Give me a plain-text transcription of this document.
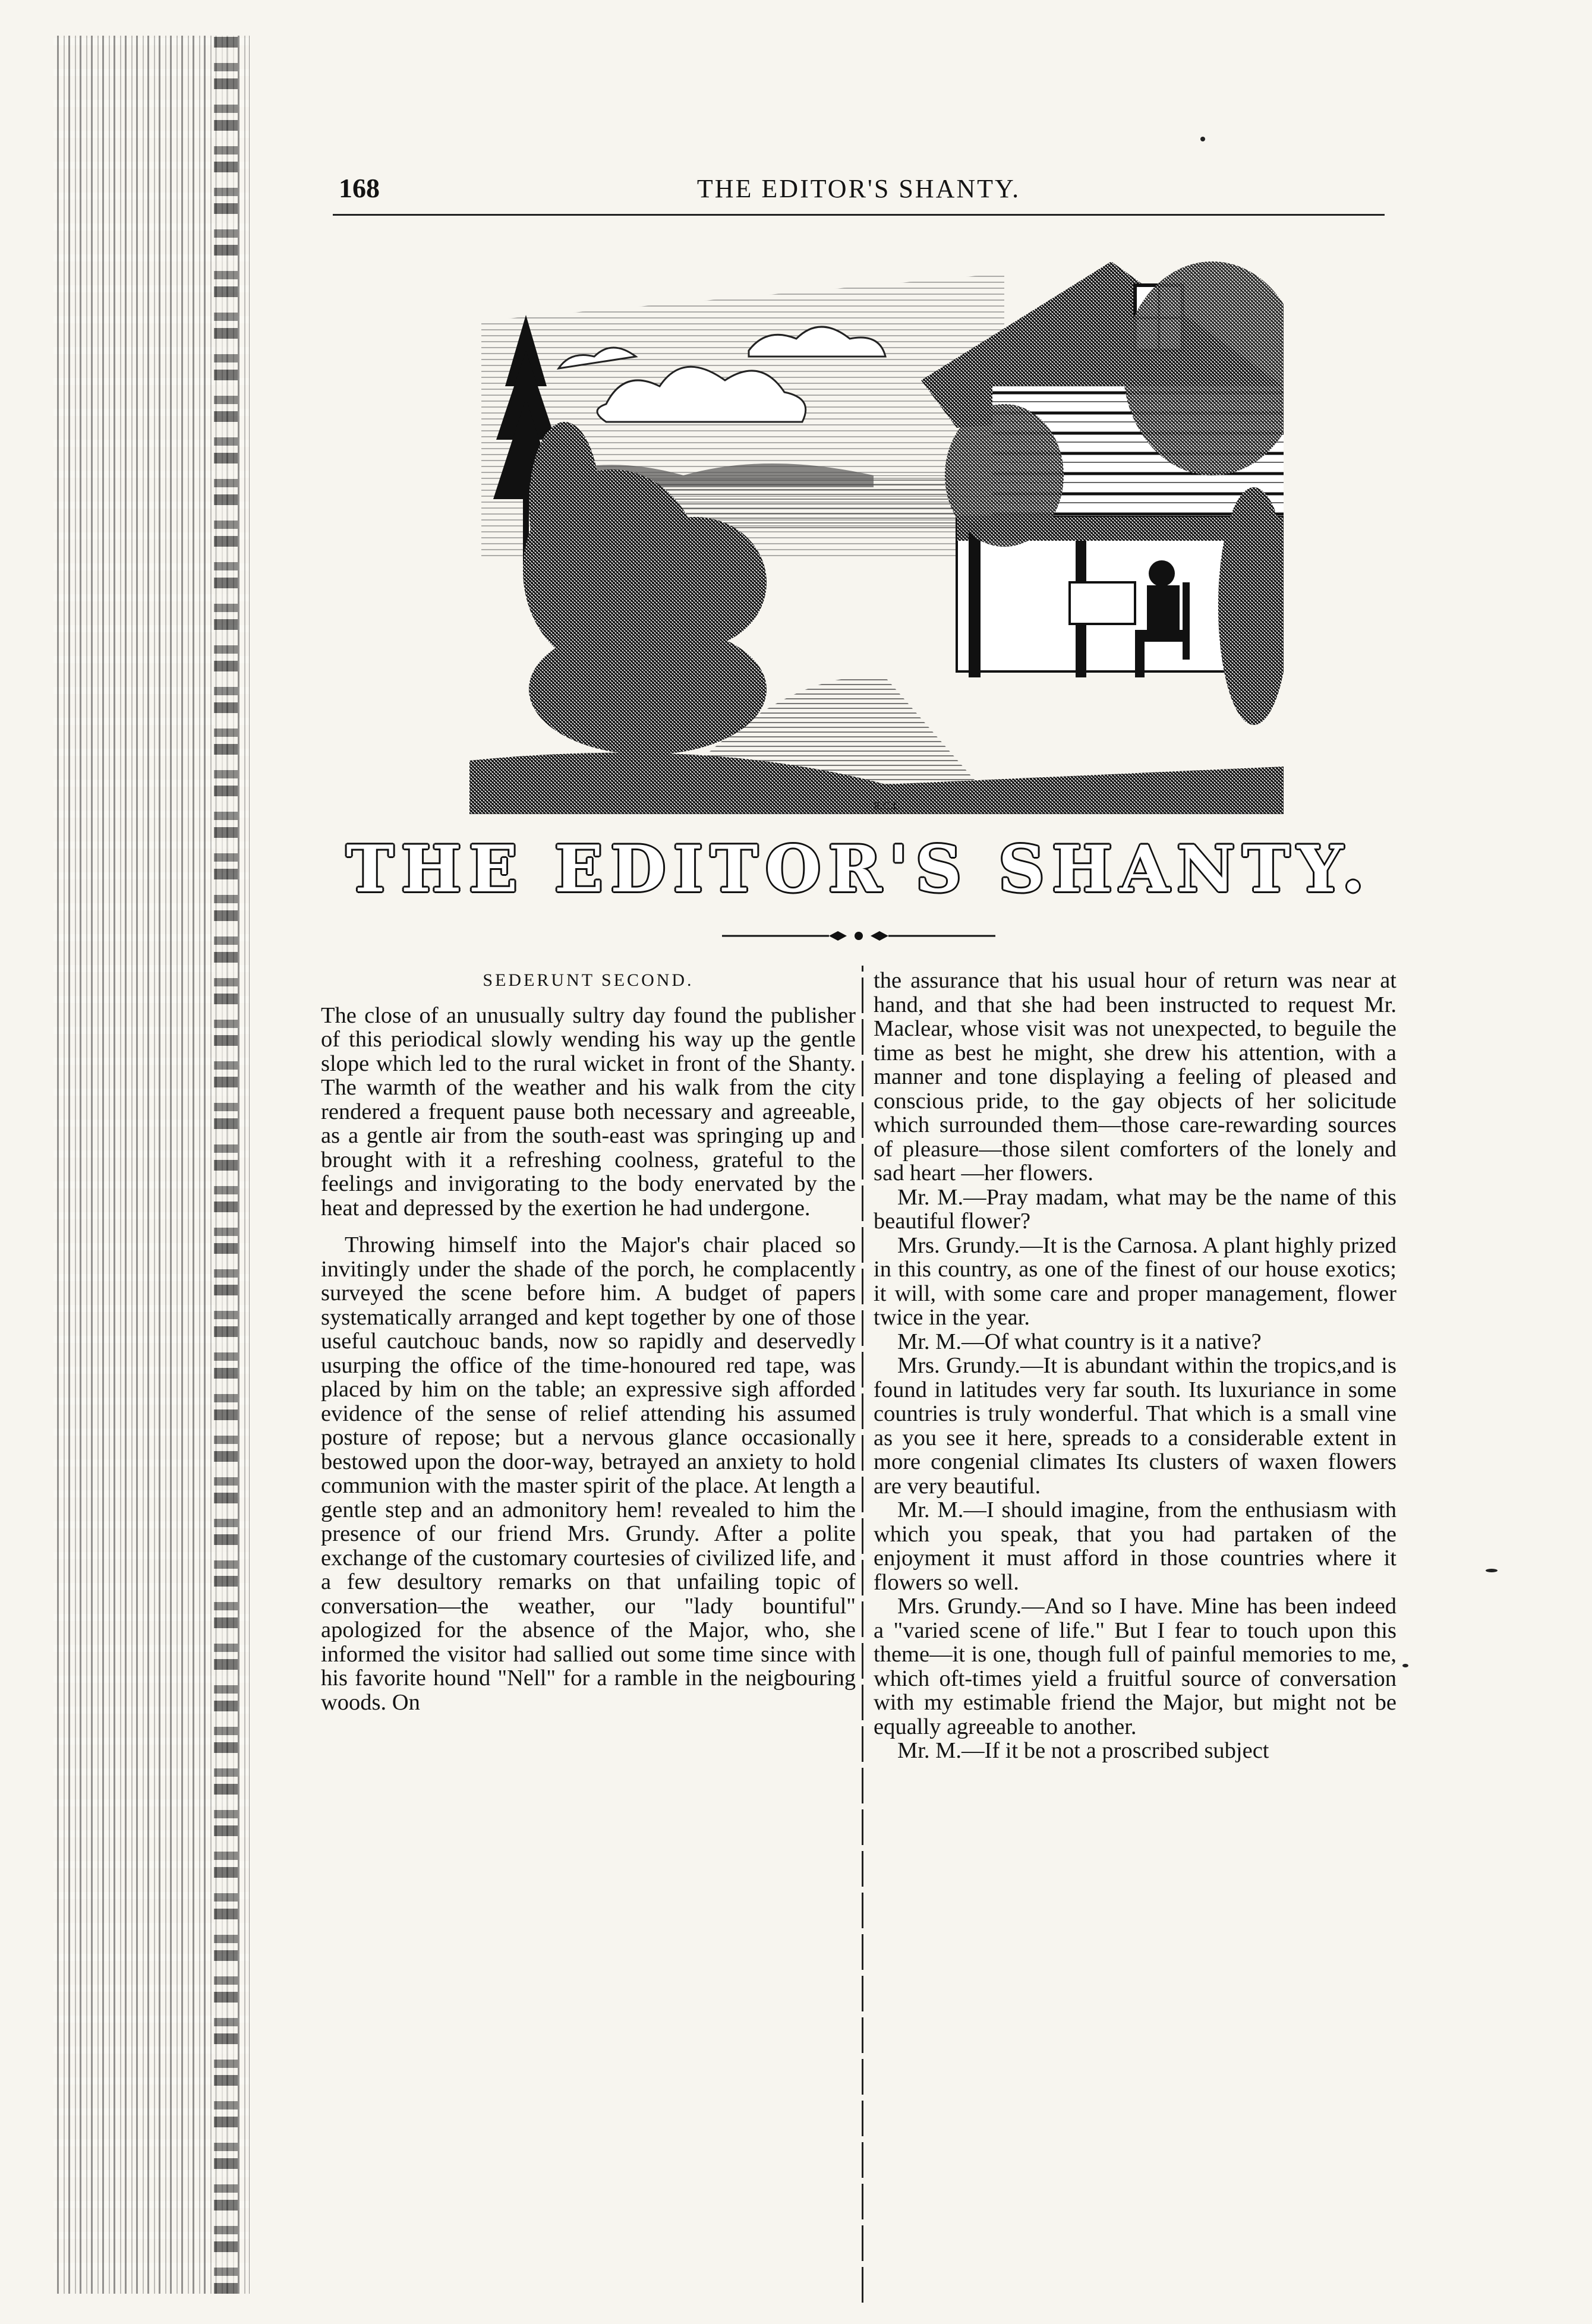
168	THE EDITOR'S SHANTY.
E.C.L.
THE EDITOR'S SHANTY.

SEDERUNT SECOND.

The close of an unusually sultry day found the publisher of this periodical slowly wending his way up the gentle slope which led to the rural wicket in front of the Shanty. The warmth of the weather and his walk from the city rendered a frequent pause both necessary and agreeable, as a gentle air from the south-east was springing up and brought with it a refreshing coolness, grateful to the feelings and invigorating to the body enervated by the heat and depressed by the exertion he had undergone.

Throwing himself into the Major's chair placed so invitingly under the shade of the porch, he complacently surveyed the scene before him. A budget of papers systematically arranged and kept together by one of those useful cautchouc bands, now so rapidly and deservedly usurping the office of the time-honoured red tape, was placed by him on the table; an expressive sigh afforded evidence of the sense of relief attending his assumed posture of repose; but a nervous glance occasionally bestowed upon the door-way, betrayed an anxiety to hold communion with the master spirit of the place. At length a gentle step and an admonitory hem! revealed to him the presence of our friend Mrs. Grundy. After a polite exchange of the customary courtesies of civilized life, and a few desultory remarks on that unfailing topic of conversation—the weather, our "lady bountiful" apologized for the absence of the Major, who, she informed the visitor had sallied out some time since with his favorite hound "Nell" for a ramble in the neigbouring woods. On

the assurance that his usual hour of return was near at hand, and that she had been instructed to request Mr. Maclear, whose visit was not unexpected, to beguile the time as best he might, she drew his attention, with a manner and tone displaying a feeling of pleased and conscious pride, to the gay objects of her solicitude which surrounded them—those care-rewarding sources of pleasure—those silent comforters of the lonely and sad heart —her flowers.

Mr. M.—Pray madam, what may be the name of this beautiful flower?

Mrs. Grundy.—It is the Carnosa. A plant highly prized in this country, as one of the finest of our house exotics; it will, with some care and proper management, flower twice in the year.

Mr. M.—Of what country is it a native?

Mrs. Grundy.—It is abundant within the tropics,and is found in latitudes very far south. Its luxuriance in some countries is truly wonderful. That which is a small vine as you see it here, spreads to a considerable extent in more congenial climates Its clusters of waxen flowers are very beautiful.

Mr. M.—I should imagine, from the enthusiasm with which you speak, that you had partaken of the enjoyment it must afford in those countries where it flowers so well.

Mrs. Grundy.—And so I have. Mine has been indeed a "varied scene of life." But I fear to touch upon this theme—it is one, though full of painful memories to me, which oft-times yield a fruitful source of conversation with my estimable friend the Major, but might not be equally agreeable to another.

Mr. M.—If it be not a proscribed subject
